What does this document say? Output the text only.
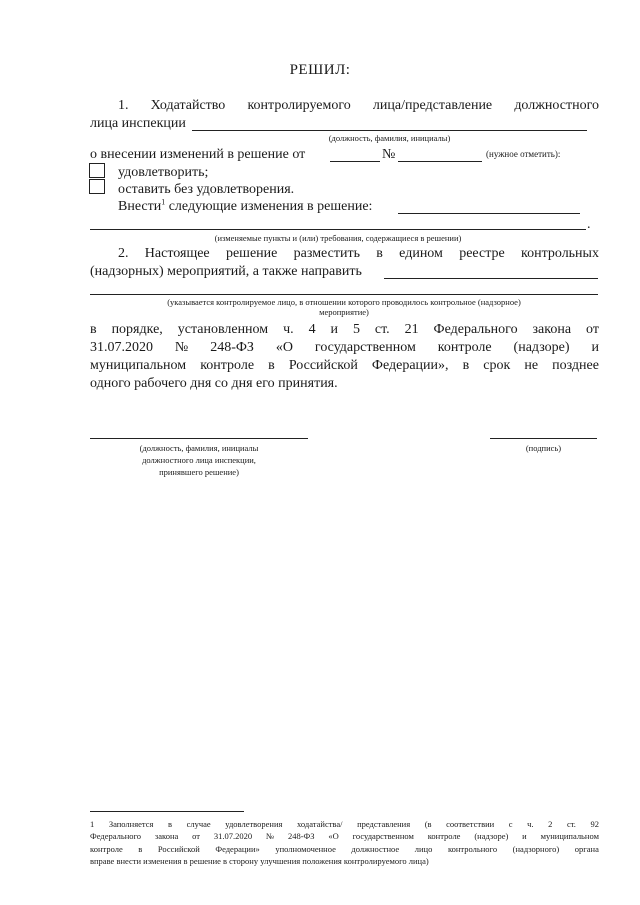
РЕШИЛ:
1. Ходатайство контролируемого лица/представление должностного
лица инспекции
(должность, фамилия, инициалы)
о внесении изменений в решение от	№	(нужное отметить):
удовлетворить;
оставить без удовлетворения.
Внести$^1$ следующие изменения в решение:
.
(изменяемые пункты и (или) требования, содержащиеся в решении)
2. Настоящее решение разместить в едином реестре контрольных
(надзорных) мероприятий, а также направить
(указывается контролируемое лицо, в отношении которого проводилось контрольное (надзорное)
мероприятие)
в порядке, установленном ч. 4 и 5 ст. 21 Федерального закона от
31.07.2020 № 248-ФЗ «О государственном контроле (надзоре) и
муниципальном контроле в Российской Федерации», в срок не позднее
одного рабочего дня со дня его принятия.
(должность, фамилия, инициалы
должностного лица инспекции,
принявшего решение)
(подпись)
1 Заполняется в случае удовлетворения ходатайства/ представления (в соответствии с ч. 2 ст. 92
Федерального закона от 31.07.2020 № 248-ФЗ «О государственном контроле (надзоре) и муниципальном
контроле в Российской Федерации» уполномоченное должностное лицо контрольного (надзорного) органа
вправе внести изменения в решение в сторону улучшения положения контролируемого лица)
